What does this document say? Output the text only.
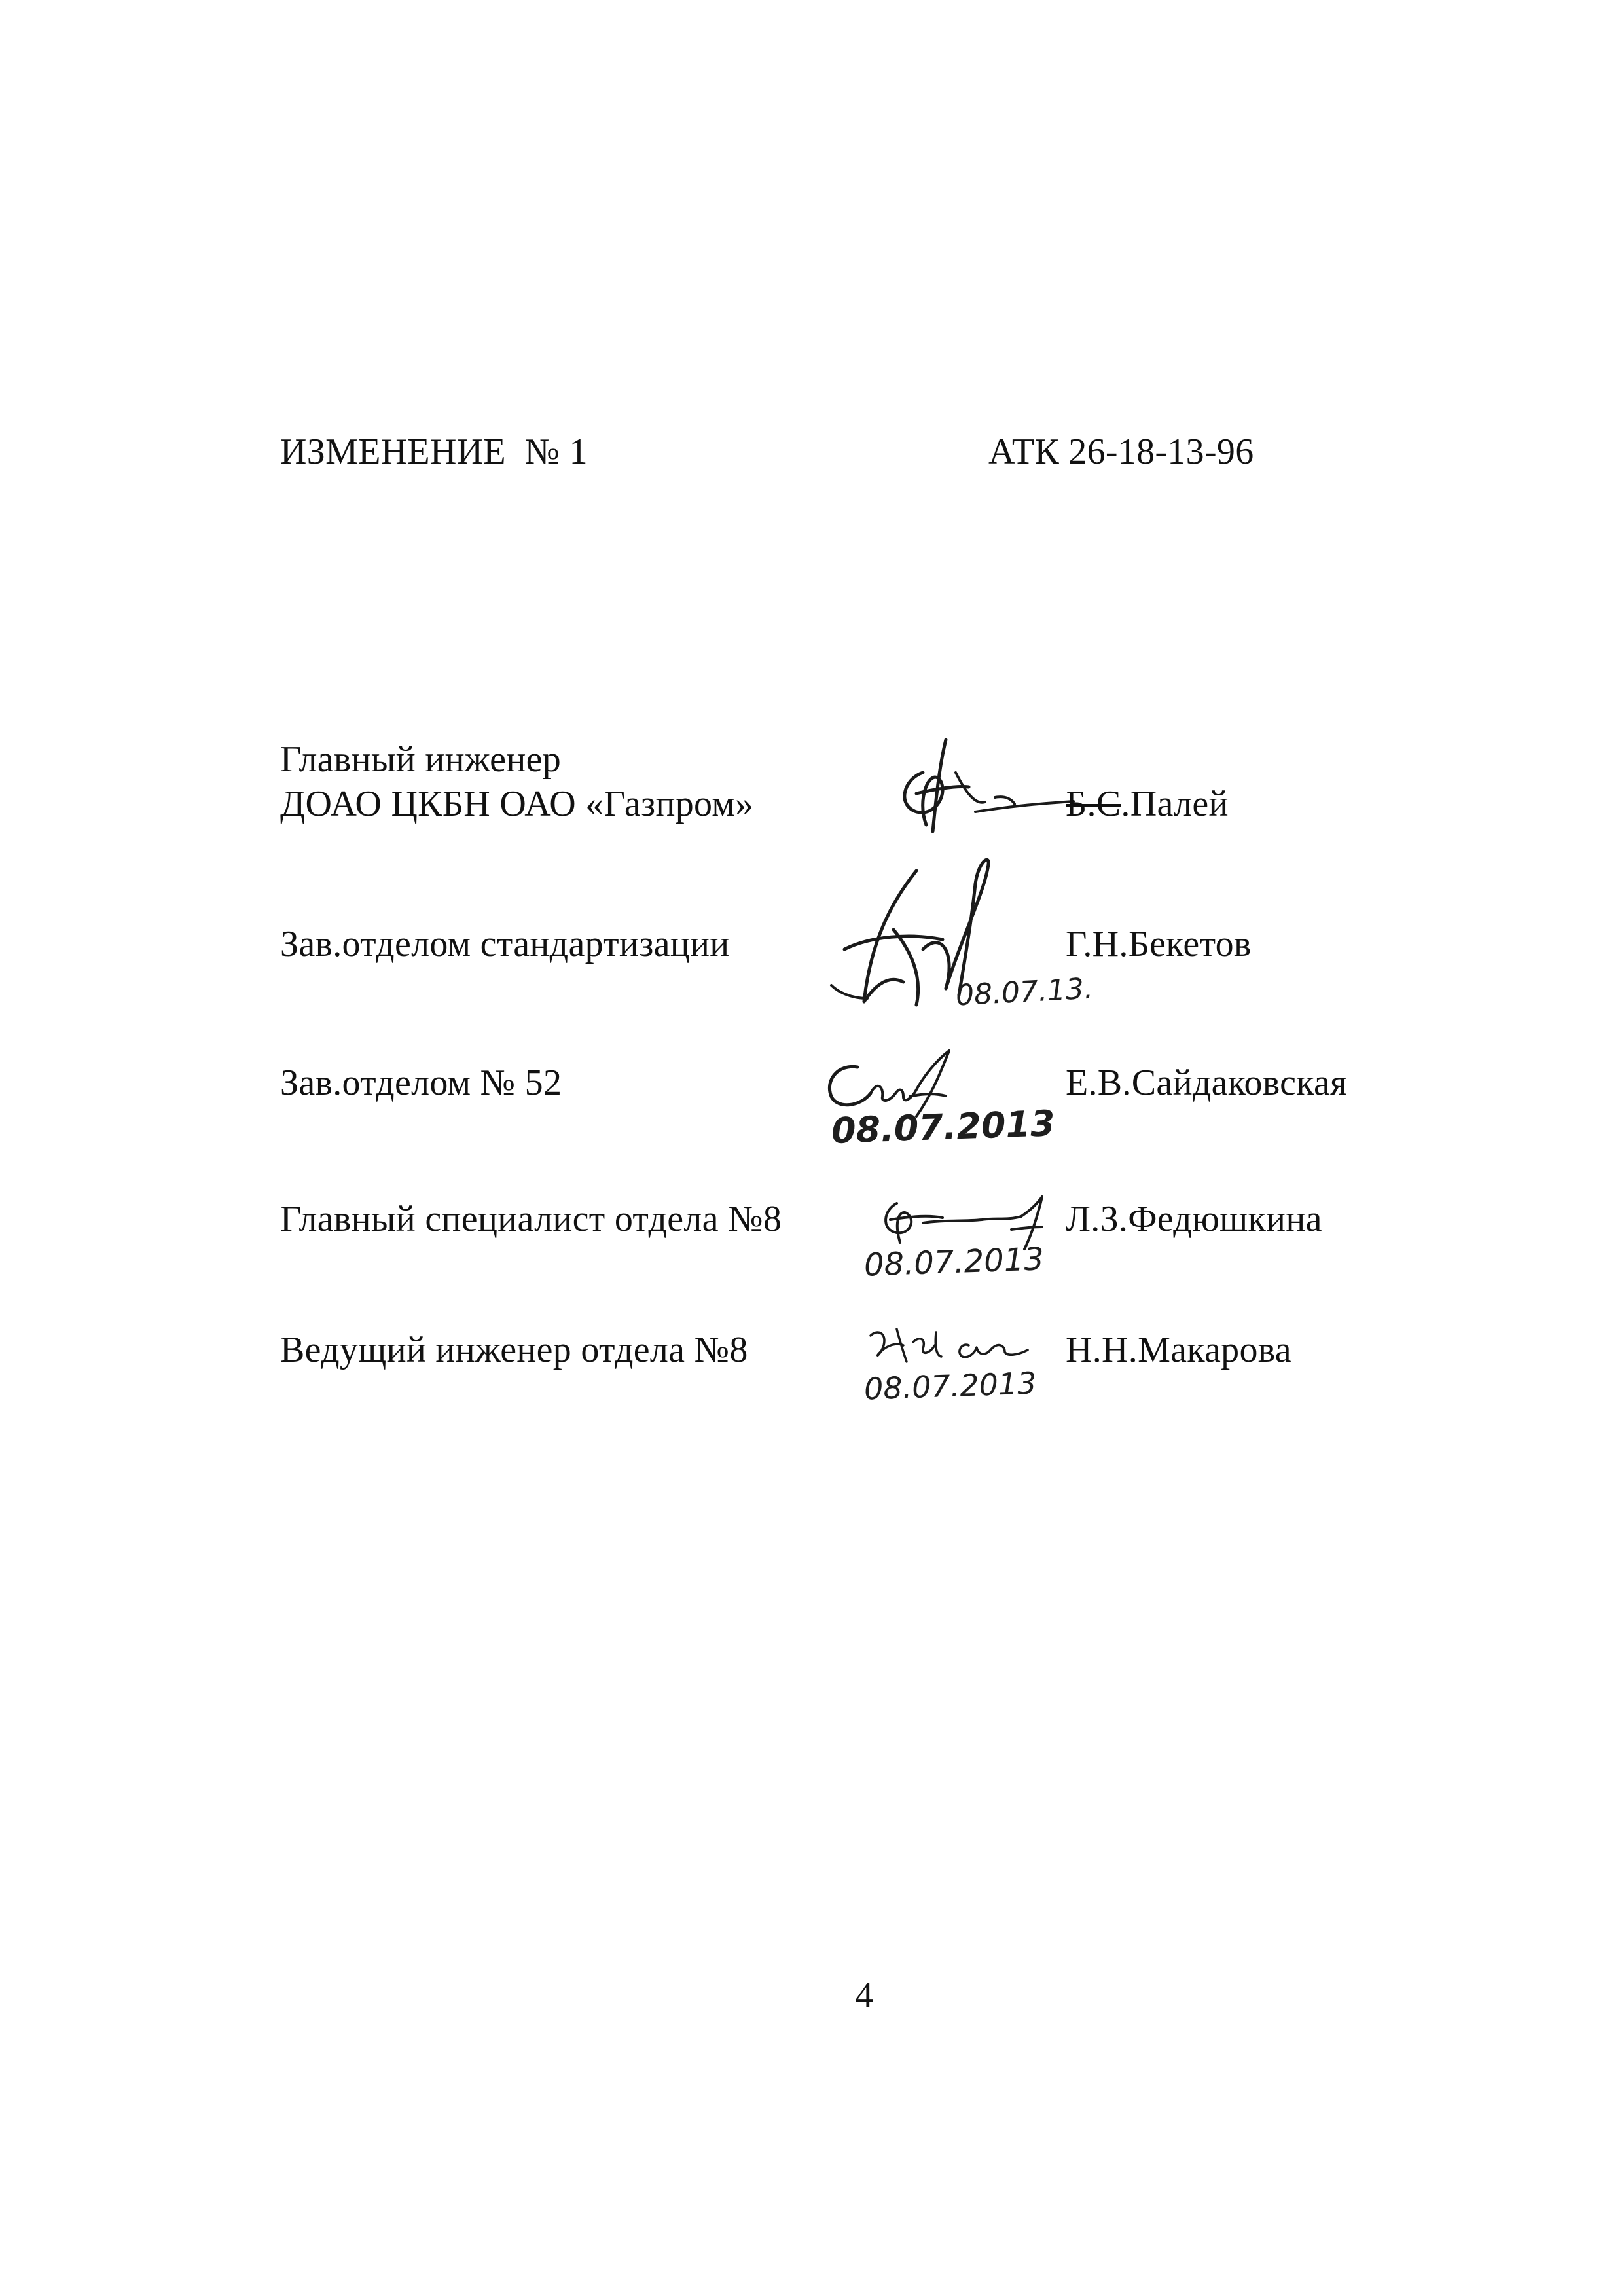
ИЗМЕНЕНИЕ  № 1	АТК 26-18-13-96
Главный инженер
ДОАО ЦКБН ОАО «Газпром»	Б.С.Палей
Зав.отделом стандартизации
08.07.13.
Г.Н.Бекетов
Зав.отделом № 52
08.07.2013
Е.В.Сайдаковская
Главный специалист отдела №8
08.07.2013
Л.З.Федюшкина
Ведущий инженер отдела №8
08.07.2013
Н.Н.Макарова
4
